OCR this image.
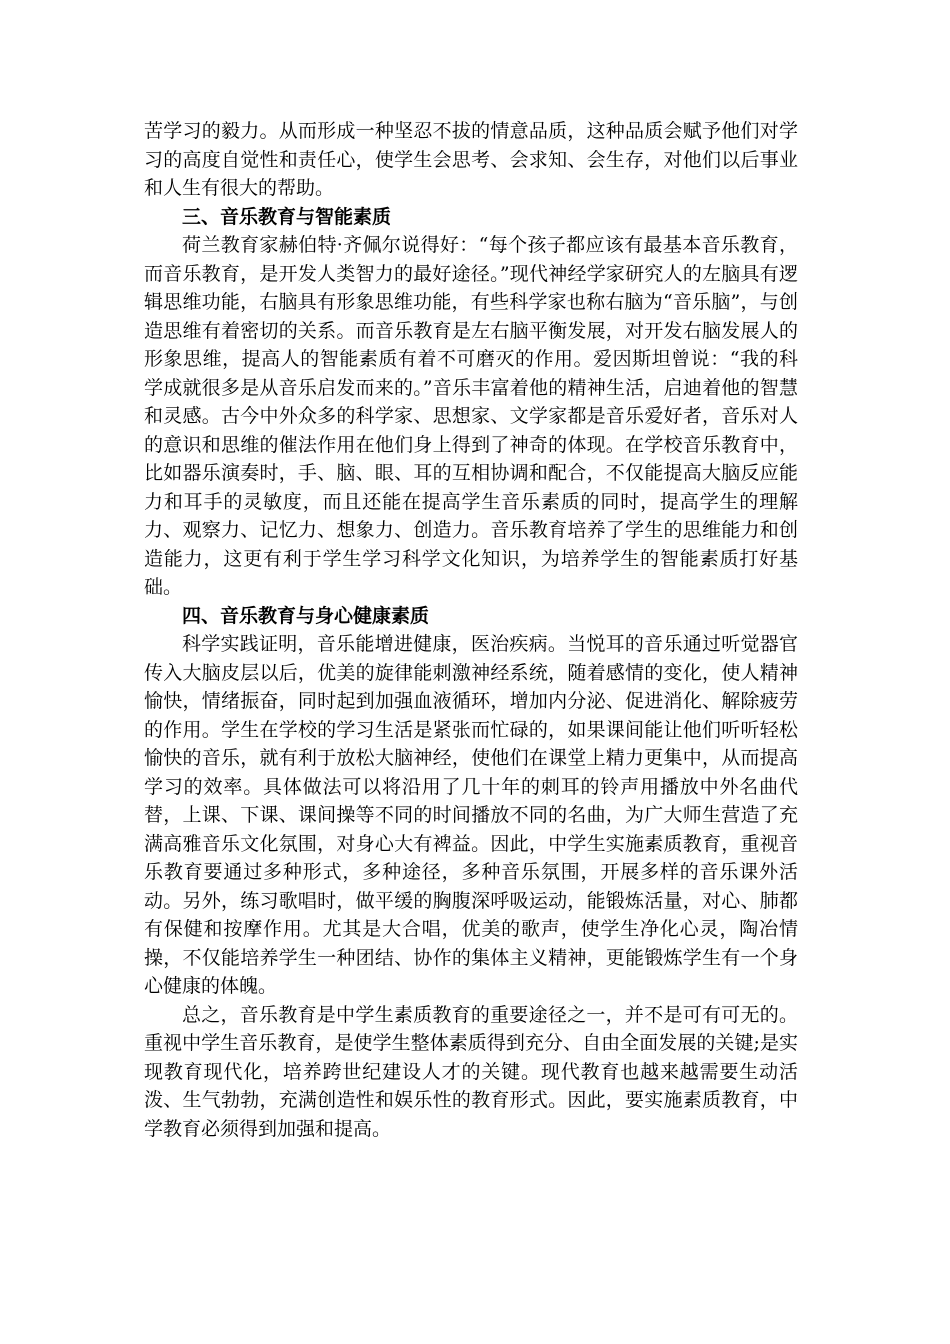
苦学习的毅力。从而形成一种坚忍不拔的情意品质，这种品质会赋予他们对学习的高度自觉性和责任心，使学生会思考、会求知、会生存，对他们以后事业和人生有很大的帮助。

三、音乐教育与智能素质

荷兰教育家赫伯特·齐佩尔说得好：“每个孩子都应该有最基本音乐教育，而音乐教育，是开发人类智力的最好途径。”现代神经学家研究人的左脑具有逻辑思维功能，右脑具有形象思维功能，有些科学家也称右脑为“音乐脑”，与创造思维有着密切的关系。而音乐教育是左右脑平衡发展，对开发右脑发展人的形象思维，提高人的智能素质有着不可磨灭的作用。爱因斯坦曾说：“我的科学成就很多是从音乐启发而来的。”音乐丰富着他的精神生活，启迪着他的智慧和灵感。古今中外众多的科学家、思想家、文学家都是音乐爱好者，音乐对人的意识和思维的催法作用在他们身上得到了神奇的体现。在学校音乐教育中，比如器乐演奏时，手、脑、眼、耳的互相协调和配合，不仅能提高大脑反应能力和耳手的灵敏度，而且还能在提高学生音乐素质的同时，提高学生的理解力、观察力、记忆力、想象力、创造力。音乐教育培养了学生的思维能力和创造能力，这更有利于学生学习科学文化知识，为培养学生的智能素质打好基础。

四、音乐教育与身心健康素质

科学实践证明，音乐能增进健康，医治疾病。当悦耳的音乐通过听觉器官传入大脑皮层以后，优美的旋律能刺激神经系统，随着感情的变化，使人精神愉快，情绪振奋，同时起到加强血液循环，增加内分泌、促进消化、解除疲劳的作用。学生在学校的学习生活是紧张而忙碌的，如果课间能让他们听听轻松愉快的音乐，就有利于放松大脑神经，使他们在课堂上精力更集中，从而提高学习的效率。具体做法可以将沿用了几十年的刺耳的铃声用播放中外名曲代替，上课、下课、课间操等不同的时间播放不同的名曲，为广大师生营造了充满高雅音乐文化氛围，对身心大有裨益。因此，中学生实施素质教育，重视音乐教育要通过多种形式，多种途径，多种音乐氛围，开展多样的音乐课外活动。另外，练习歌唱时，做平缓的胸腹深呼吸运动，能锻炼活量，对心、肺都有保健和按摩作用。尤其是大合唱，优美的歌声，使学生净化心灵，陶冶情操，不仅能培养学生一种团结、协作的集体主义精神，更能锻炼学生有一个身心健康的体魄。

总之，音乐教育是中学生素质教育的重要途径之一，并不是可有可无的。重视中学生音乐教育，是使学生整体素质得到充分、自由全面发展的关键;是实现教育现代化，培养跨世纪建设人才的关键。现代教育也越来越需要生动活泼、生气勃勃，充满创造性和娱乐性的教育形式。因此，要实施素质教育，中学教育必须得到加强和提高。
